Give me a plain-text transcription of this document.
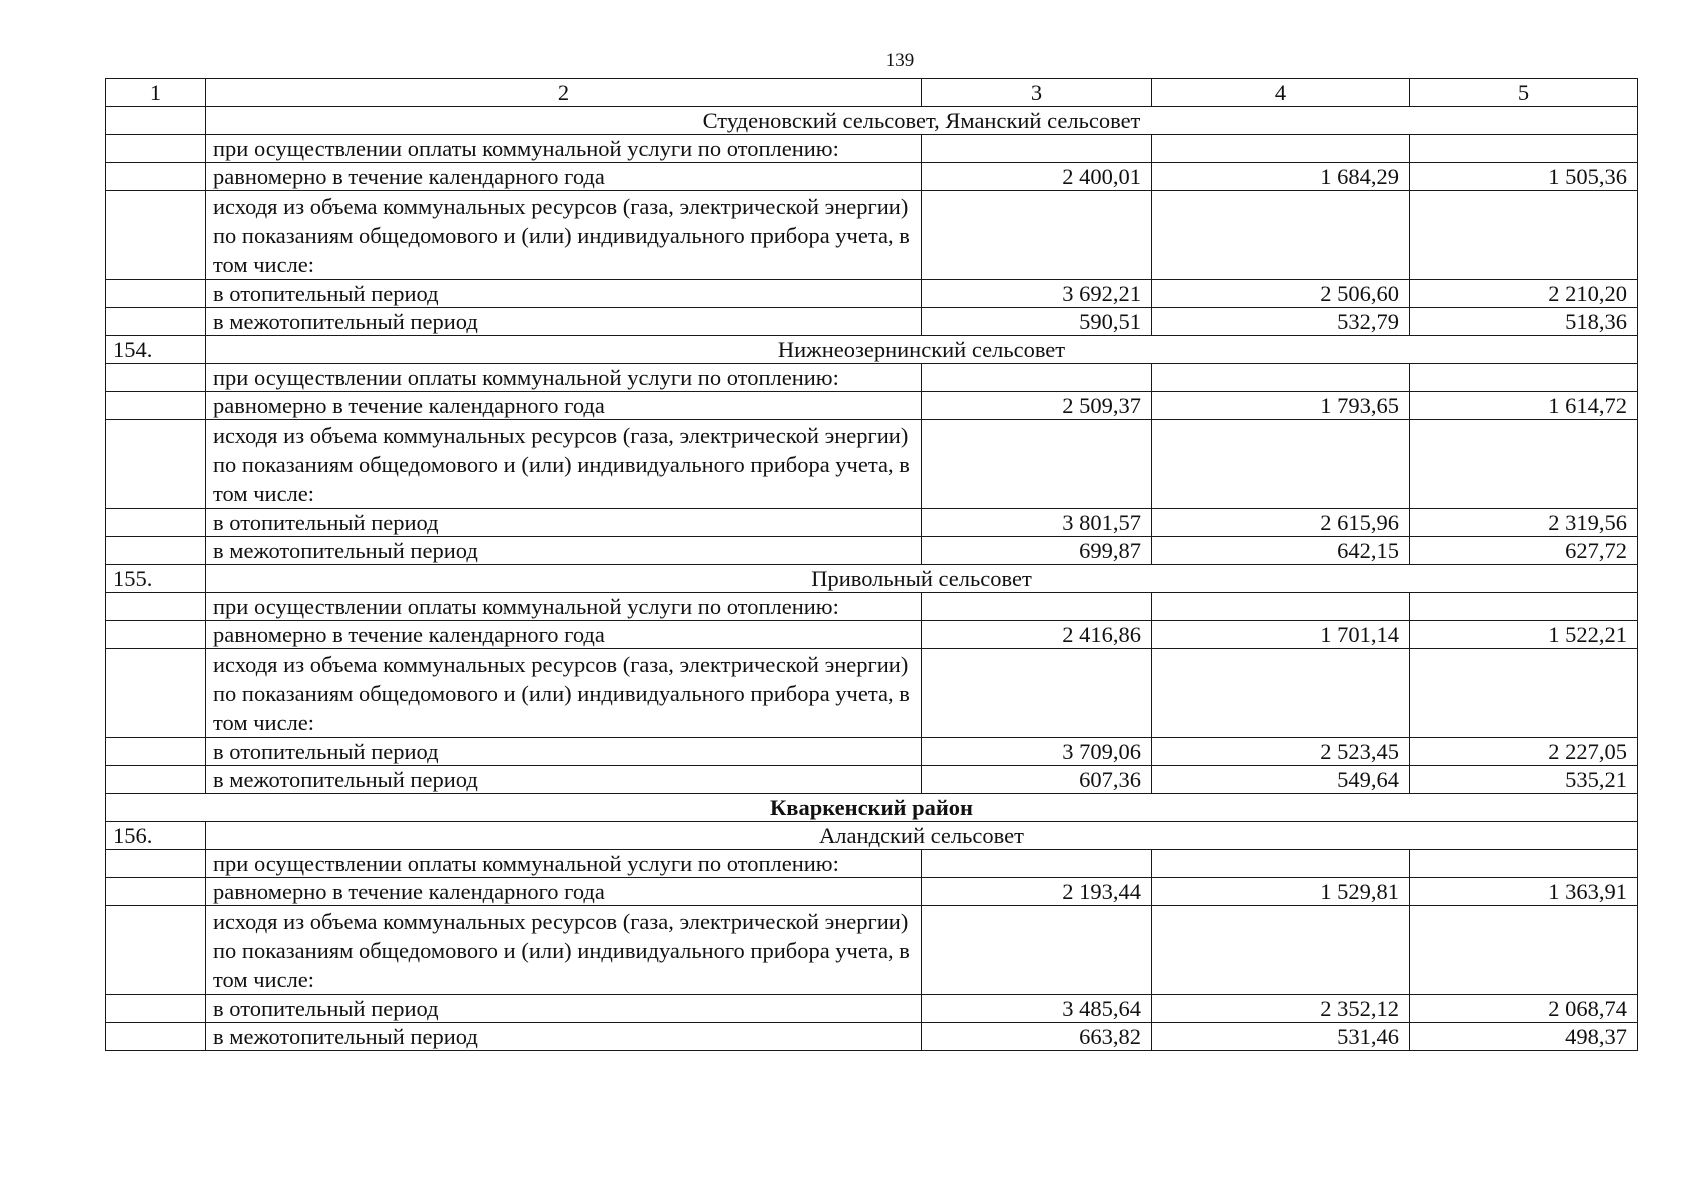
139
1	2	3	4	5
	Студеновский сельсовет, Яманский сельсовет			
	при осуществлении оплаты коммунальной услуги по отоплению:			
	равномерно в течение календарного года	2 400,01	1 684,29	1 505,36
	исходя из объема коммунальных ресурсов (газа, электрической энергии) по показаниям общедомового и (или) индивидуального прибора учета, в том числе:			
	в отопительный период	3 692,21	2 506,60	2 210,20
	в межотопительный период	590,51	532,79	518,36
154.	Нижнеозернинский сельсовет			
	при осуществлении оплаты коммунальной услуги по отоплению:			
	равномерно в течение календарного года	2 509,37	1 793,65	1 614,72
	исходя из объема коммунальных ресурсов (газа, электрической энергии) по показаниям общедомового и (или) индивидуального прибора учета, в том числе:			
	в отопительный период	3 801,57	2 615,96	2 319,56
	в межотопительный период	699,87	642,15	627,72
155.	Привольный сельсовет			
	при осуществлении оплаты коммунальной услуги по отоплению:			
	равномерно в течение календарного года	2 416,86	1 701,14	1 522,21
	исходя из объема коммунальных ресурсов (газа, электрической энергии) по показаниям общедомового и (или) индивидуального прибора учета, в том числе:			
	в отопительный период	3 709,06	2 523,45	2 227,05
	в межотопительный период	607,36	549,64	535,21
Кваркенский район				
156.	Аландский сельсовет			
	при осуществлении оплаты коммунальной услуги по отоплению:			
	равномерно в течение календарного года	2 193,44	1 529,81	1 363,91
	исходя из объема коммунальных ресурсов (газа, электрической энергии) по показаниям общедомового и (или) индивидуального прибора учета, в том числе:			
	в отопительный период	3 485,64	2 352,12	2 068,74
	в межотопительный период	663,82	531,46	498,37
